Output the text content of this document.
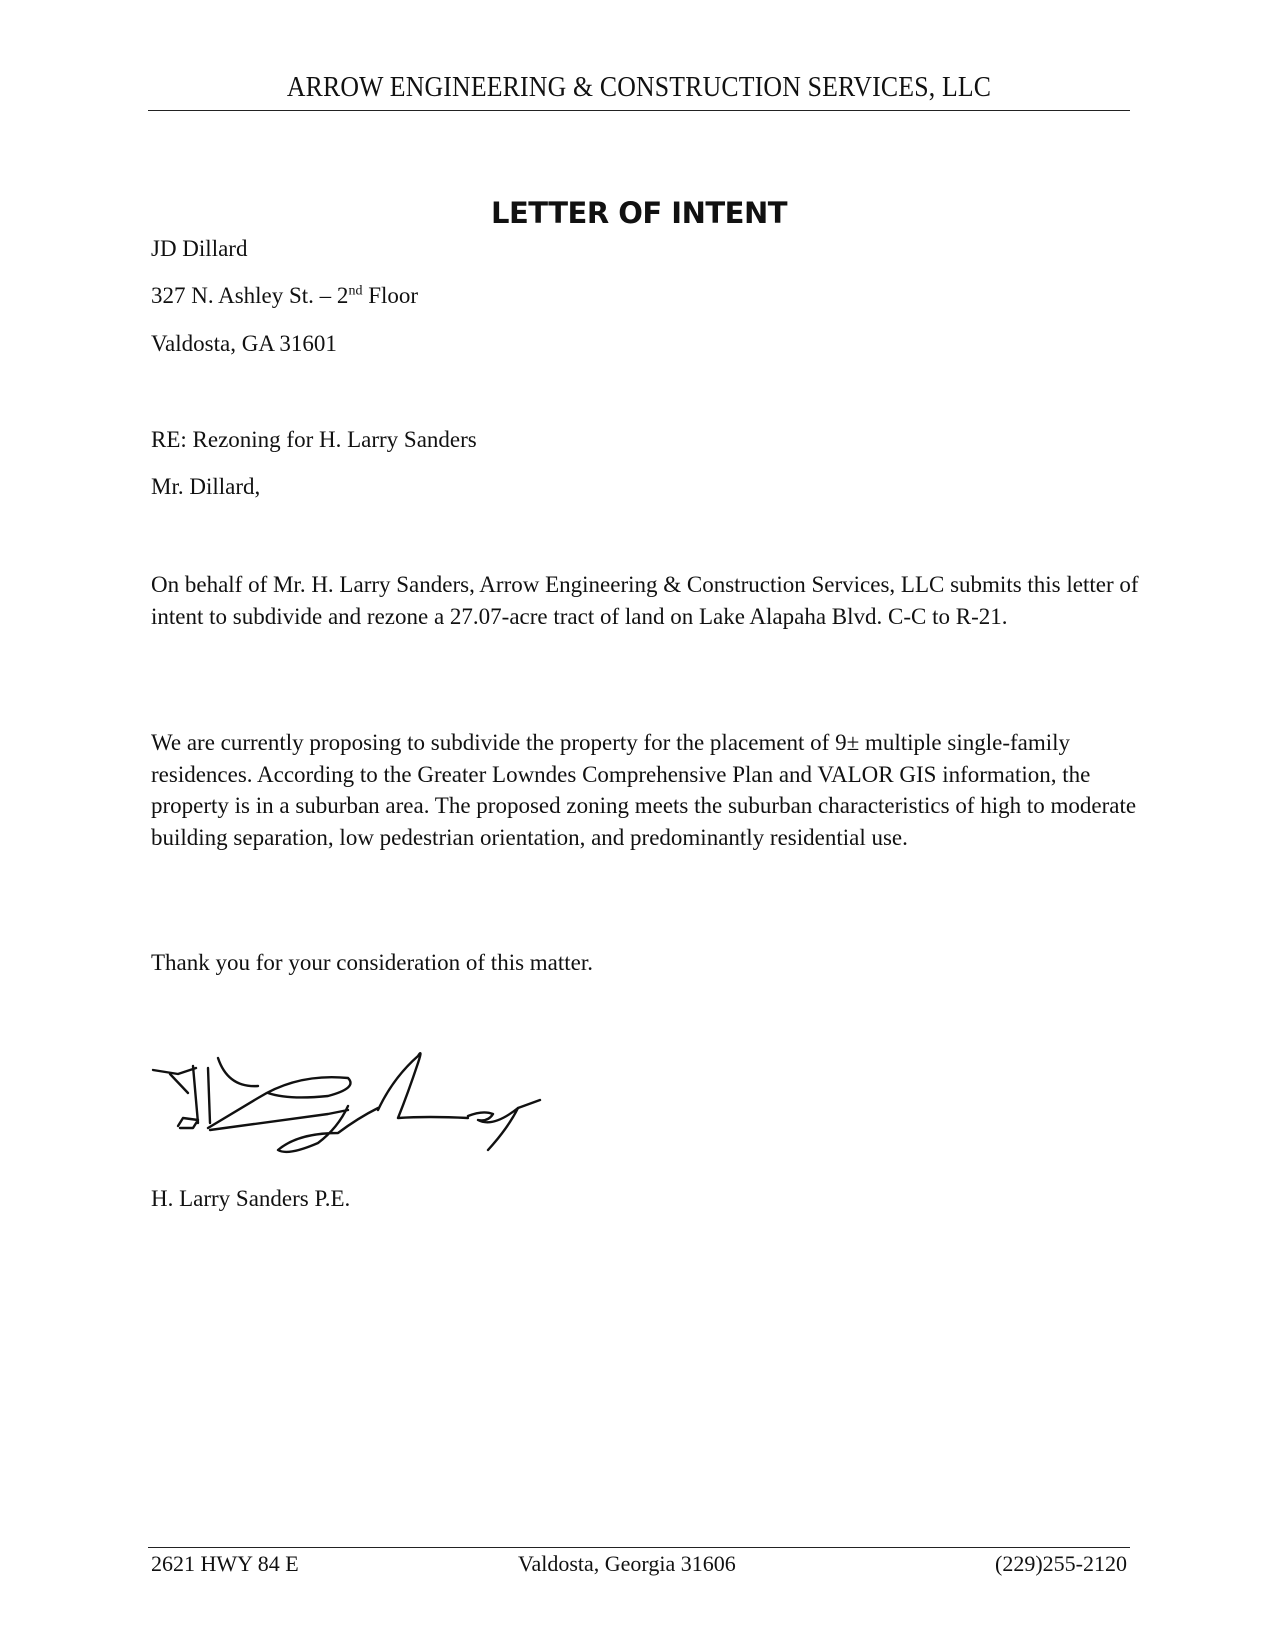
ARROW ENGINEERING & CONSTRUCTION SERVICES, LLC
LETTER OF INTENT
JD Dillard
327 N. Ashley St. – 2nd Floor
Valdosta, GA 31601
RE: Rezoning for H. Larry Sanders
Mr. Dillard,
On behalf of Mr. H. Larry Sanders, Arrow Engineering & Construction Services, LLC submits this letter of intent to subdivide and rezone a 27.07-acre tract of land on Lake Alapaha Blvd. C-C to R-21.
We are currently proposing to subdivide the property for the placement of 9± multiple single-family residences. According to the Greater Lowndes Comprehensive Plan and VALOR GIS information, the property is in a suburban area. The proposed zoning meets the suburban characteristics of high to moderate building separation, low pedestrian orientation, and predominantly residential use.
Thank you for your consideration of this matter.
H. Larry Sanders P.E.
2621 HWY 84 E	Valdosta, Georgia 31606	(229)255-2120
